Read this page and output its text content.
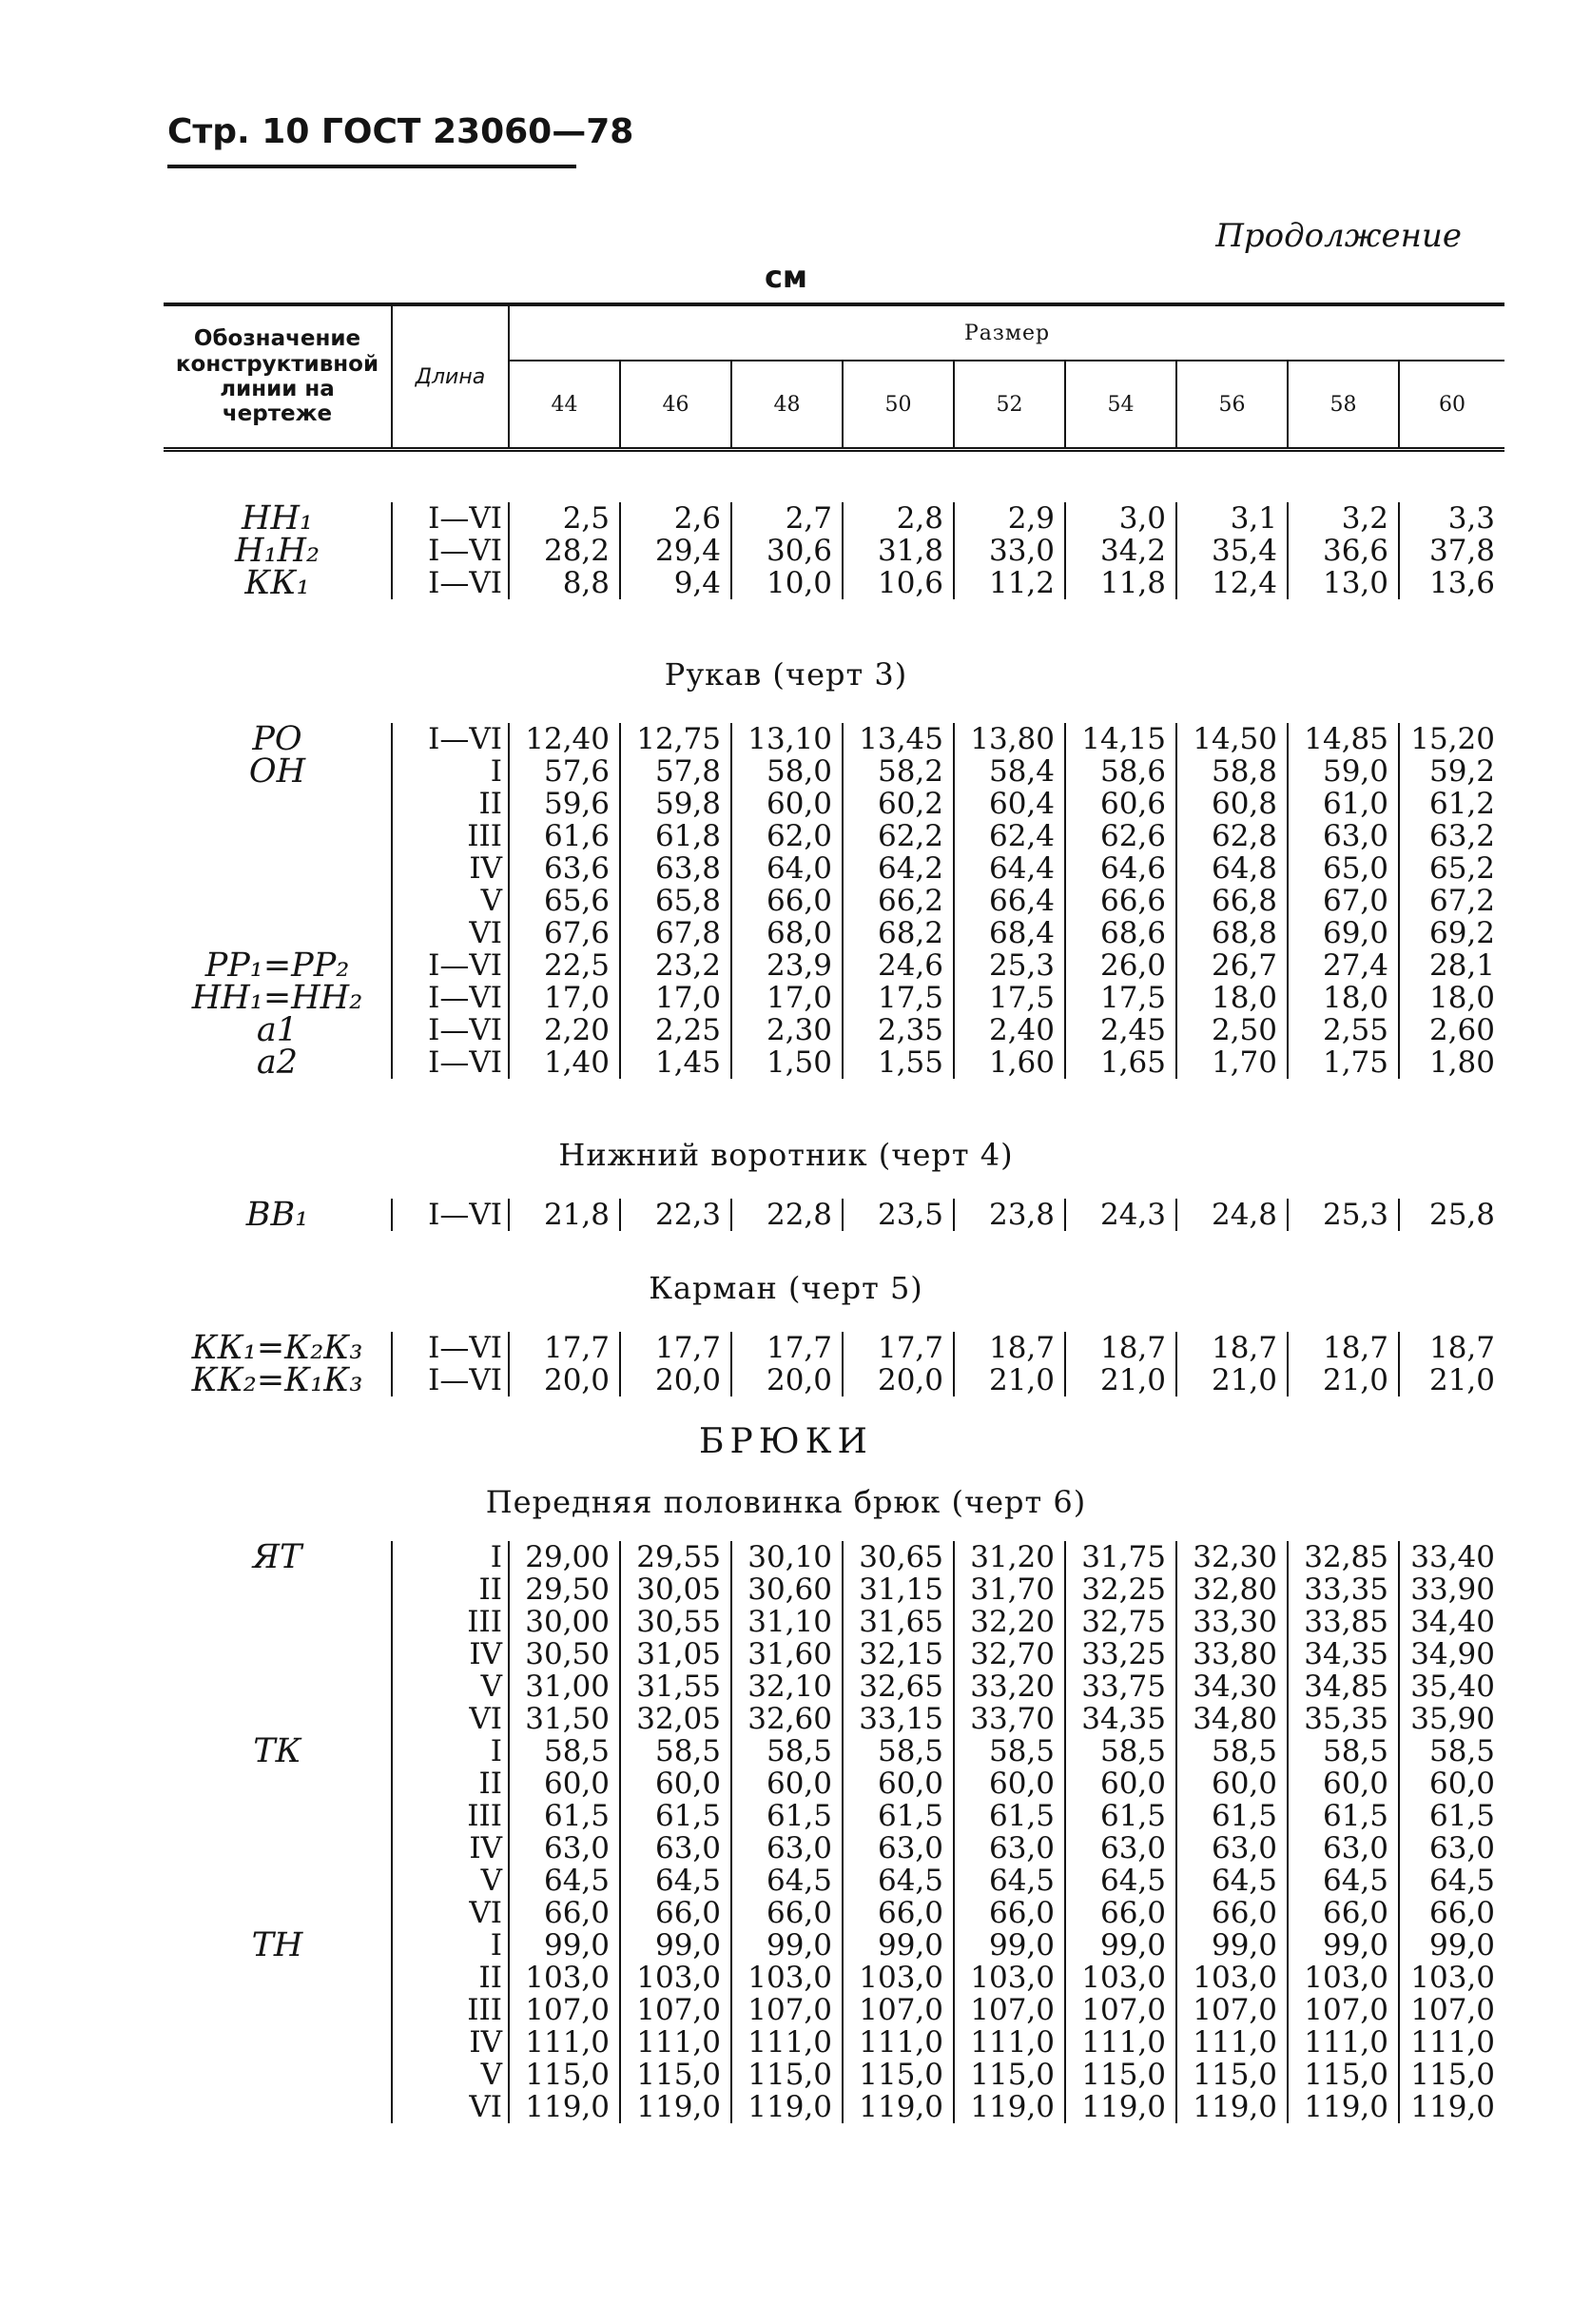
Стр. 10 ГОСТ 23060—78
Продолжение
см
Обозначение конструктивной линии на чертеже	Длина	Размер								
		44	46	48	50	52	54	56	58	60
НН₁	I—VI	2,5	2,6	2,7	2,8	2,9	3,0	3,1	3,2	3,3
Н₁Н₂	I—VI	28,2	29,4	30,6	31,8	33,0	34,2	35,4	36,6	37,8
КК₁	I—VI	8,8	9,4	10,0	10,6	11,2	11,8	12,4	13,0	13,6
Рукав (черт 3)
РО	I—VI	12,40	12,75	13,10	13,45	13,80	14,15	14,50	14,85	15,20
ОН	I	57,6	57,8	58,0	58,2	58,4	58,6	58,8	59,0	59,2
	II	59,6	59,8	60,0	60,2	60,4	60,6	60,8	61,0	61,2
	III	61,6	61,8	62,0	62,2	62,4	62,6	62,8	63,0	63,2
	IV	63,6	63,8	64,0	64,2	64,4	64,6	64,8	65,0	65,2
	V	65,6	65,8	66,0	66,2	66,4	66,6	66,8	67,0	67,2
	VI	67,6	67,8	68,0	68,2	68,4	68,6	68,8	69,0	69,2
РР₁=РР₂	I—VI	22,5	23,2	23,9	24,6	25,3	26,0	26,7	27,4	28,1
НН₁=НН₂	I—VI	17,0	17,0	17,0	17,5	17,5	17,5	18,0	18,0	18,0
а1	I—VI	2,20	2,25	2,30	2,35	2,40	2,45	2,50	2,55	2,60
а2	I—VI	1,40	1,45	1,50	1,55	1,60	1,65	1,70	1,75	1,80
Нижний воротник (черт 4)
ВВ₁	I—VI	21,8	22,3	22,8	23,5	23,8	24,3	24,8	25,3	25,8
Карман (черт 5)
КК₁=К₂К₃	I—VI	17,7	17,7	17,7	17,7	18,7	18,7	18,7	18,7	18,7
КК₂=К₁К₃	I—VI	20,0	20,0	20,0	20,0	21,0	21,0	21,0	21,0	21,0
БРЮКИ
Передняя половинка брюк (черт 6)
ЯТ	I	29,00	29,55	30,10	30,65	31,20	31,75	32,30	32,85	33,40
	II	29,50	30,05	30,60	31,15	31,70	32,25	32,80	33,35	33,90
	III	30,00	30,55	31,10	31,65	32,20	32,75	33,30	33,85	34,40
	IV	30,50	31,05	31,60	32,15	32,70	33,25	33,80	34,35	34,90
	V	31,00	31,55	32,10	32,65	33,20	33,75	34,30	34,85	35,40
	VI	31,50	32,05	32,60	33,15	33,70	34,35	34,80	35,35	35,90
ТК	I	58,5	58,5	58,5	58,5	58,5	58,5	58,5	58,5	58,5
	II	60,0	60,0	60,0	60,0	60,0	60,0	60,0	60,0	60,0
	III	61,5	61,5	61,5	61,5	61,5	61,5	61,5	61,5	61,5
	IV	63,0	63,0	63,0	63,0	63,0	63,0	63,0	63,0	63,0
	V	64,5	64,5	64,5	64,5	64,5	64,5	64,5	64,5	64,5
	VI	66,0	66,0	66,0	66,0	66,0	66,0	66,0	66,0	66,0
ТН	I	99,0	99,0	99,0	99,0	99,0	99,0	99,0	99,0	99,0
	II	103,0	103,0	103,0	103,0	103,0	103,0	103,0	103,0	103,0
	III	107,0	107,0	107,0	107,0	107,0	107,0	107,0	107,0	107,0
	IV	111,0	111,0	111,0	111,0	111,0	111,0	111,0	111,0	111,0
	V	115,0	115,0	115,0	115,0	115,0	115,0	115,0	115,0	115,0
	VI	119,0	119,0	119,0	119,0	119,0	119,0	119,0	119,0	119,0
